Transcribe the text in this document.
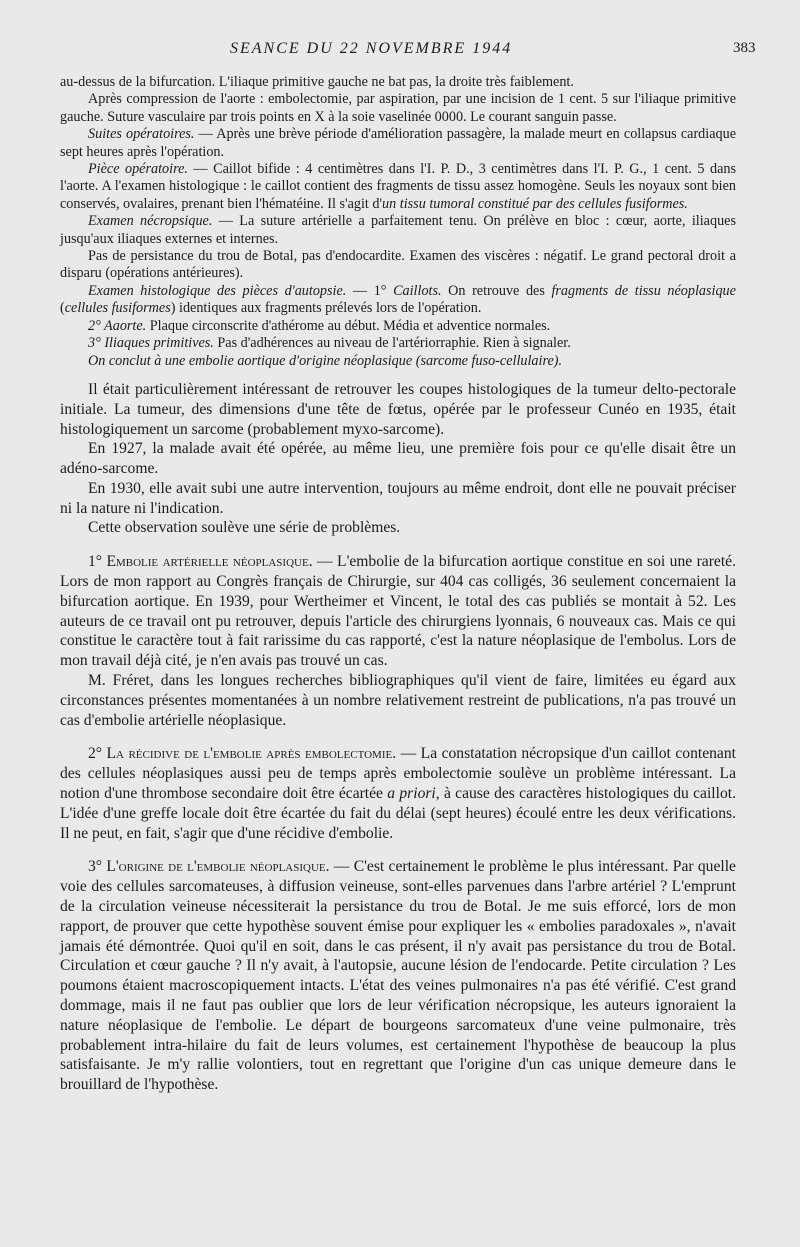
SEANCE DU 22 NOVEMBRE 1944	383

au-dessus de la bifurcation. L'iliaque primitive gauche ne bat pas, la droite très faiblement.

Après compression de l'aorte : embolectomie, par aspiration, par une incision de 1 cent. 5 sur l'iliaque primitive gauche. Suture vasculaire par trois points en X à la soie vaselinée 0000. Le courant sanguin passe.

Suites opératoires. — Après une brève période d'amélioration passagère, la malade meurt en collapsus cardiaque sept heures après l'opération.

Pièce opératoire. — Caillot bifide : 4 centimètres dans l'I. P. D., 3 centimètres dans l'I. P. G., 1 cent. 5 dans l'aorte. A l'examen histologique : le caillot contient des fragments de tissu assez homogène. Seuls les noyaux sont bien conservés, ovalaires, prenant bien l'hématéine. Il s'agit d'un tissu tumoral constitué par des cellules fusiformes.

Examen nécropsique. — La suture artérielle a parfaitement tenu. On prélève en bloc : cœur, aorte, iliaques jusqu'aux iliaques externes et internes.

Pas de persistance du trou de Botal, pas d'endocardite. Examen des viscères : négatif. Le grand pectoral droit a disparu (opérations antérieures).

Examen histologique des pièces d'autopsie. — 1° Caillots. On retrouve des fragments de tissu néoplasique (cellules fusiformes) identiques aux fragments prélevés lors de l'opération.

2° Aaorte. Plaque circonscrite d'athérome au début. Média et adventice normales.

3° Iliaques primitives. Pas d'adhérences au niveau de l'artériorraphie. Rien à signaler.

On conclut à une embolie aortique d'origine néoplasique (sarcome fuso-cellulaire).

Il était particulièrement intéressant de retrouver les coupes histologiques de la tumeur delto-pectorale initiale. La tumeur, des dimensions d'une tête de fœtus, opérée par le professeur Cunéo en 1935, était histologiquement un sarcome (probablement myxo-sarcome).

En 1927, la malade avait été opérée, au même lieu, une première fois pour ce qu'elle disait être un adéno-sarcome.

En 1930, elle avait subi une autre intervention, toujours au même endroit, dont elle ne pouvait préciser ni la nature ni l'indication.

Cette observation soulève une série de problèmes.

1° Embolie artérielle néoplasique. — L'embolie de la bifurcation aortique constitue en soi une rareté. Lors de mon rapport au Congrès français de Chirurgie, sur 404 cas colligés, 36 seulement concernaient la bifurcation aortique. En 1939, pour Wertheimer et Vincent, le total des cas publiés se montait à 52. Les auteurs de ce travail ont pu retrouver, depuis l'article des chirurgiens lyonnais, 6 nouveaux cas. Mais ce qui constitue le caractère tout à fait rarissime du cas rapporté, c'est la nature néoplasique de l'embolus. Lors de mon travail déjà cité, je n'en avais pas trouvé un cas.

M. Fréret, dans les longues recherches bibliographiques qu'il vient de faire, limitées eu égard aux circonstances présentes momentanées à un nombre relativement restreint de publications, n'a pas trouvé un cas d'embolie artérielle néoplasique.

2° La récidive de l'embolie après embolectomie. — La constatation nécropsique d'un caillot contenant des cellules néoplasiques aussi peu de temps après embolectomie soulève un problème intéressant. La notion d'une thrombose secondaire doit être écartée a priori, à cause des caractères histologiques du caillot. L'idée d'une greffe locale doit être écartée du fait du délai (sept heures) écoulé entre les deux vérifications. Il ne peut, en fait, s'agir que d'une récidive d'embolie.

3° L'origine de l'embolie néoplasique. — C'est certainement le problème le plus intéressant. Par quelle voie des cellules sarcomateuses, à diffusion veineuse, sont-elles parvenues dans l'arbre artériel ? L'emprunt de la circulation veineuse nécessiterait la persistance du trou de Botal. Je me suis efforcé, lors de mon rapport, de prouver que cette hypothèse souvent émise pour expliquer les « embolies paradoxales », n'avait jamais été démontrée. Quoi qu'il en soit, dans le cas présent, il n'y avait pas persistance du trou de Botal. Circulation et cœur gauche ? Il n'y avait, à l'autopsie, aucune lésion de l'endocarde. Petite circulation ? Les poumons étaient macroscopiquement intacts. L'état des veines pulmonaires n'a pas été vérifié. C'est grand dommage, mais il ne faut pas oublier que lors de leur vérification nécropsique, les auteurs ignoraient la nature néoplasique de l'embolie. Le départ de bourgeons sarcomateux d'une veine pulmonaire, très probablement intra-hilaire du fait de leurs volumes, est certainement l'hypothèse de beaucoup la plus satisfaisante. Je m'y rallie volontiers, tout en regrettant que l'origine d'un cas unique demeure dans le brouillard de l'hypothèse.
